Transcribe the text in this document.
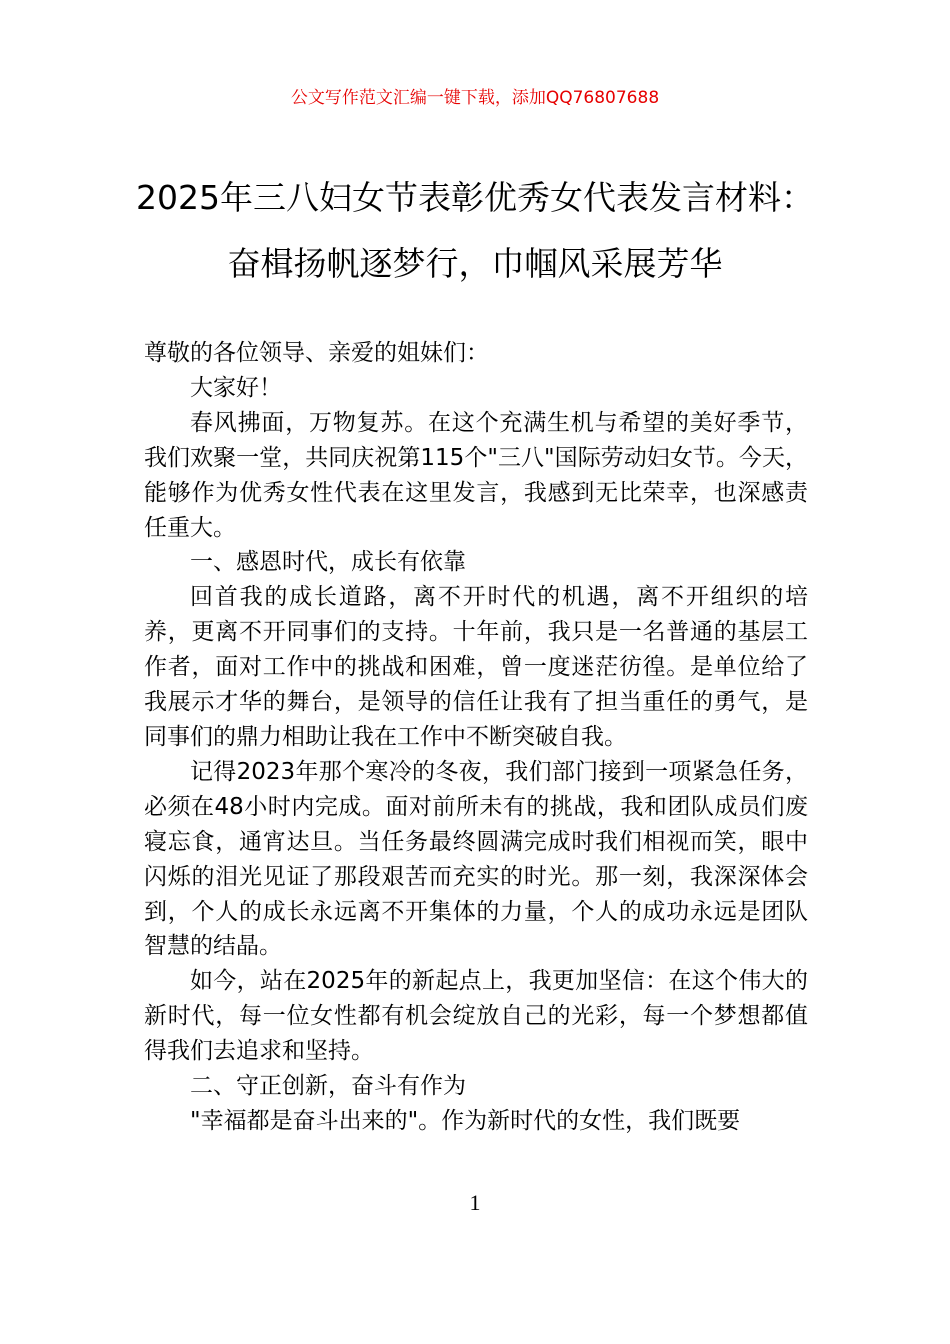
公文写作范文汇编一键下载，添加QQ76807688
2025年三八妇女节表彰优秀女代表发言材料：奋楫扬帆逐梦行，巾帼风采展芳华

尊敬的各位领导、亲爱的姐妹们：

大家好！

春风拂面，万物复苏。在这个充满生机与希望的美好季节，我们欢聚一堂，共同庆祝第115个"三八"国际劳动妇女节。今天，能够作为优秀女性代表在这里发言，我感到无比荣幸，也深感责任重大。

一、感恩时代，成长有依靠

回首我的成长道路，离不开时代的机遇，离不开组织的培养，更离不开同事们的支持。十年前，我只是一名普通的基层工作者，面对工作中的挑战和困难，曾一度迷茫彷徨。是单位给了我展示才华的舞台，是领导的信任让我有了担当重任的勇气，是同事们的鼎力相助让我在工作中不断突破自我。

记得2023年那个寒冷的冬夜，我们部门接到一项紧急任务，必须在48小时内完成。面对前所未有的挑战，我和团队成员们废寝忘食，通宵达旦。当任务最终圆满完成时我们相视而笑，眼中闪烁的泪光见证了那段艰苦而充实的时光。那一刻，我深深体会到，个人的成长永远离不开集体的力量，个人的成功永远是团队智慧的结晶。

如今，站在2025年的新起点上，我更加坚信：在这个伟大的新时代，每一位女性都有机会绽放自己的光彩，每一个梦想都值得我们去追求和坚持。

二、守正创新，奋斗有作为

"幸福都是奋斗出来的"。作为新时代的女性，我们既要

1
